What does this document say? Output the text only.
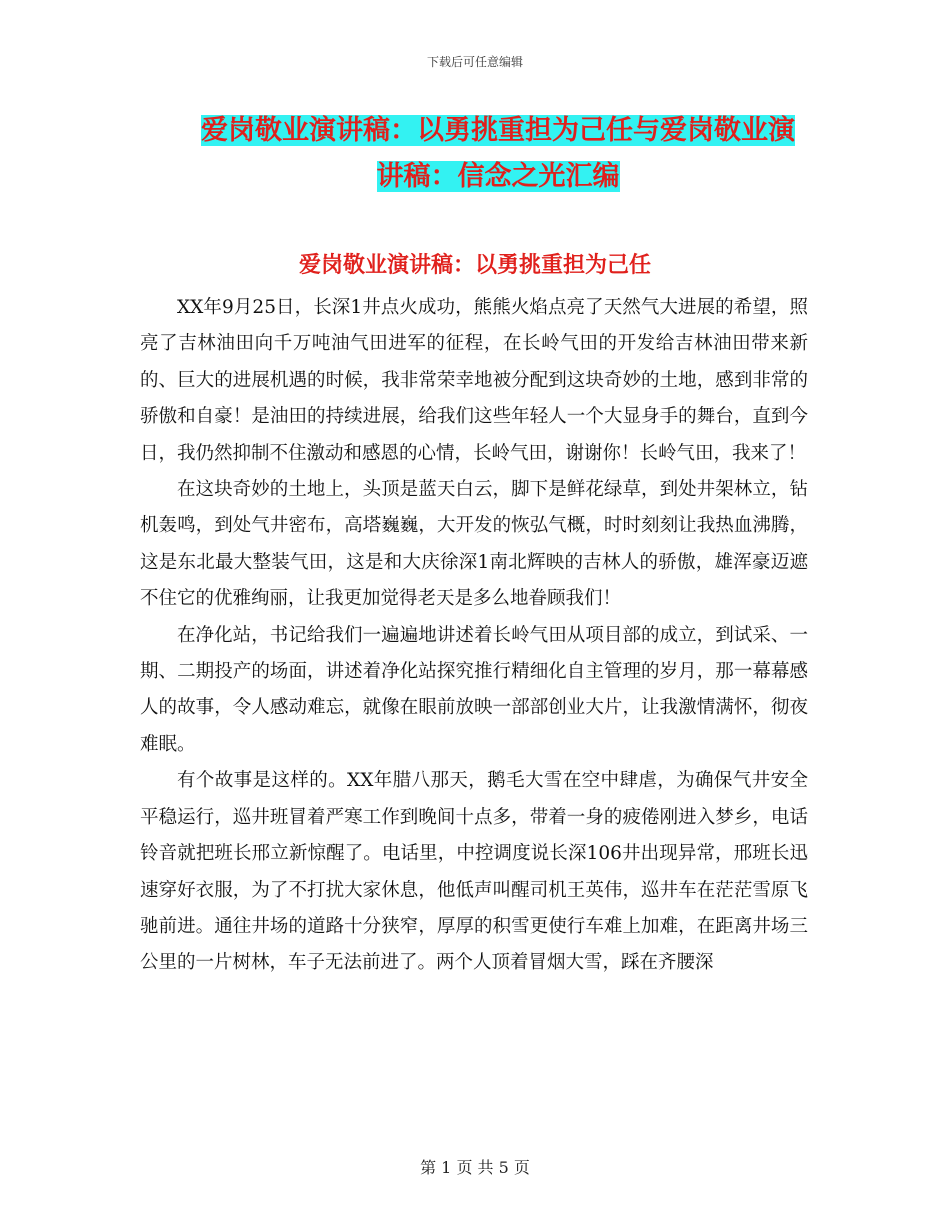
下载后可任意编辑
爱岗敬业演讲稿：以勇挑重担为己任与爱岗敬业演讲稿：信念之光汇编
爱岗敬业演讲稿：以勇挑重担为己任

XX年9月25日，长深1井点火成功，熊熊火焰点亮了天然气大进展的希望，照亮了吉林油田向千万吨油气田进军的征程，在长岭气田的开发给吉林油田带来新的、巨大的进展机遇的时候，我非常荣幸地被分配到这块奇妙的土地，感到非常的骄傲和自豪！是油田的持续进展，给我们这些年轻人一个大显身手的舞台，直到今日，我仍然抑制不住激动和感恩的心情，长岭气田，谢谢你！长岭气田，我来了！

在这块奇妙的土地上，头顶是蓝天白云，脚下是鲜花绿草，到处井架林立，钻机轰鸣，到处气井密布，高塔巍巍，大开发的恢弘气概，时时刻刻让我热血沸腾，这是东北最大整装气田，这是和大庆徐深1南北辉映的吉林人的骄傲，雄浑豪迈遮不住它的优雅绚丽，让我更加觉得老天是多么地眷顾我们！

在净化站，书记给我们一遍遍地讲述着长岭气田从项目部的成立，到试采、一期、二期投产的场面，讲述着净化站探究推行精细化自主管理的岁月，那一幕幕感人的故事，令人感动难忘，就像在眼前放映一部部创业大片，让我激情满怀，彻夜难眠。

有个故事是这样的。XX年腊八那天，鹅毛大雪在空中肆虐，为确保气井安全平稳运行，巡井班冒着严寒工作到晚间十点多，带着一身的疲倦刚进入梦乡，电话铃音就把班长邢立新惊醒了。电话里，中控调度说长深106井出现异常，邢班长迅速穿好衣服，为了不打扰大家休息，他低声叫醒司机王英伟，巡井车在茫茫雪原飞驰前进。通往井场的道路十分狭窄，厚厚的积雪更使行车难上加难，在距离井场三公里的一片树林，车子无法前进了。两个人顶着冒烟大雪，踩在齐腰深

第 1 页 共 5 页
